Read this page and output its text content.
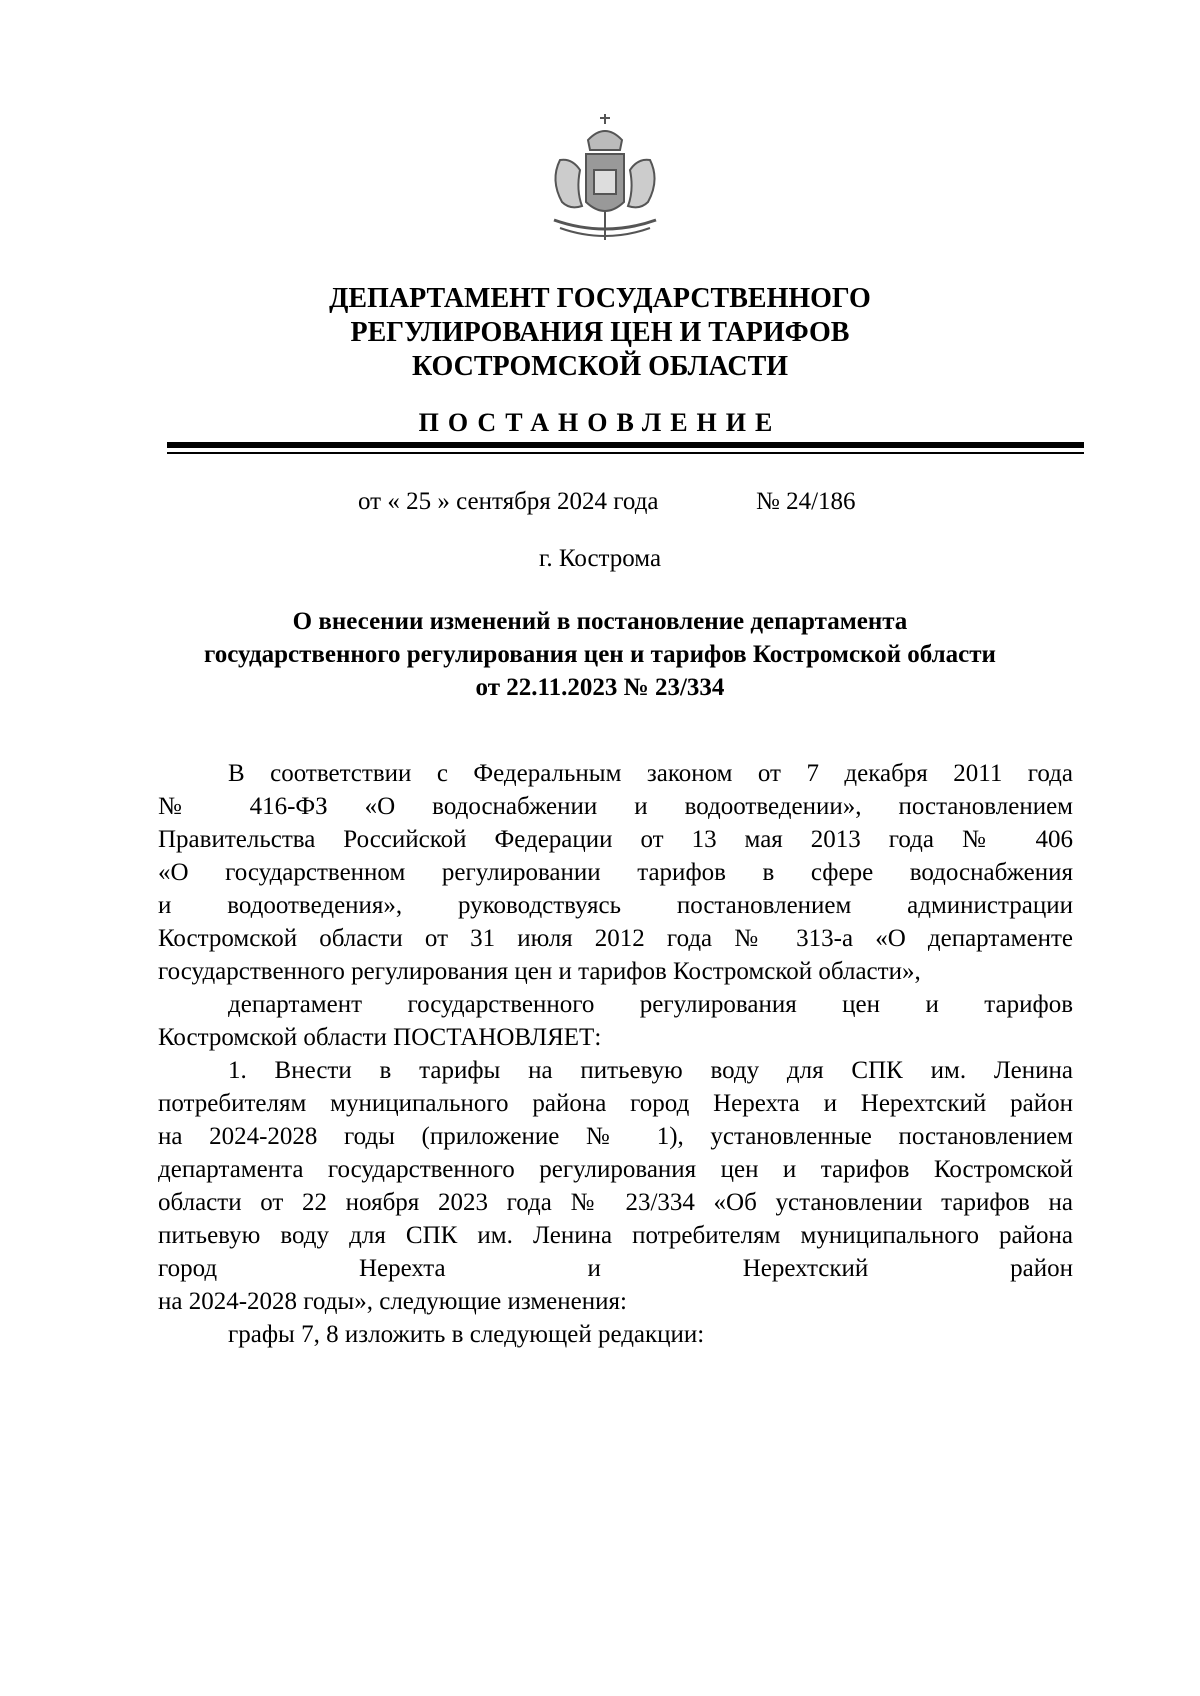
ДЕПАРТАМЕНТ ГОСУДАРСТВЕННОГО
РЕГУЛИРОВАНИЯ ЦЕН И ТАРИФОВ
КОСТРОМСКОЙ ОБЛАСТИ
ПОСТАНОВЛЕНИЕ
от « 25 » сентября 2024 года	№ 24/186
г. Кострома
О внесении изменений в постановление департамента
государственного регулирования цен и тарифов Костромской области
от 22.11.2023 № 23/334
В соответствии с Федеральным законом от 7 декабря 2011 года
№ 416-ФЗ «О водоснабжении и водоотведении», постановлением
Правительства Российской Федерации от 13 мая 2013 года № 406
«О государственном регулировании тарифов в сфере водоснабжения
и водоотведения», руководствуясь постановлением администрации
Костромской области от 31 июля 2012 года № 313-а «О департаменте
государственного регулирования цен и тарифов Костромской области»,
департамент государственного регулирования цен и тарифов
Костромской области ПОСТАНОВЛЯЕТ:
1. Внести в тарифы на питьевую воду для СПК им. Ленина
потребителям муниципального района город Нерехта и Нерехтский район
на 2024-2028 годы (приложение № 1), установленные постановлением
департамента государственного регулирования цен и тарифов Костромской
области от 22 ноября 2023 года № 23/334 «Об установлении тарифов на
питьевую воду для СПК им. Ленина потребителям муниципального района
город Нерехта и Нерехтский район
на 2024-2028 годы», следующие изменения:
графы 7, 8 изложить в следующей редакции:
